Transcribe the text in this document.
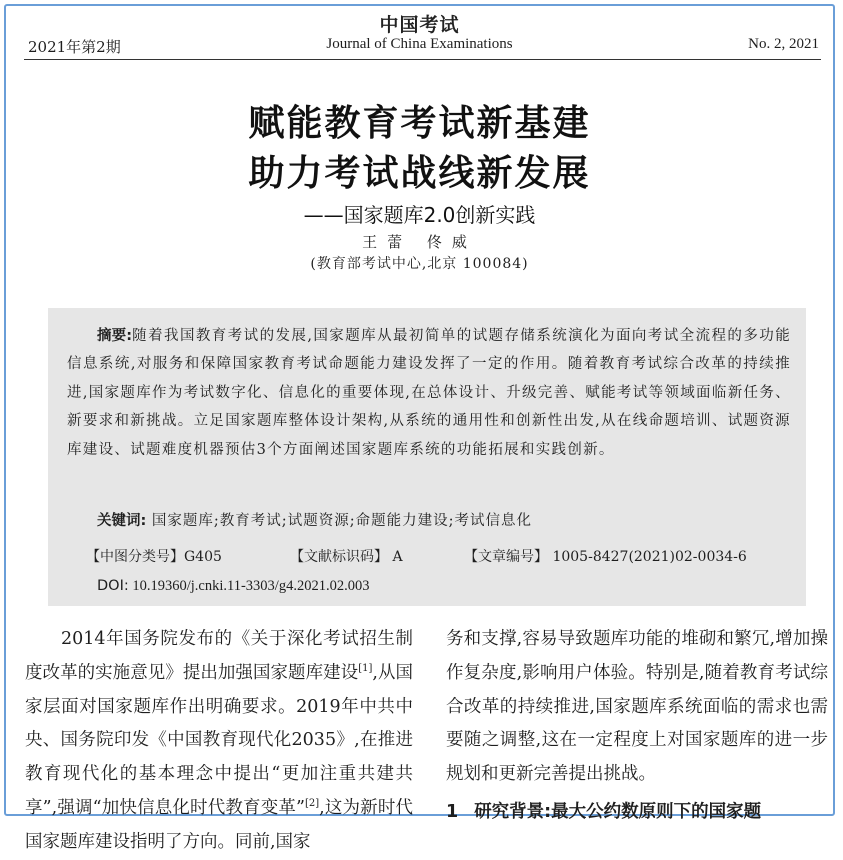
中国考试
2021年第2期	Journal of China Examinations	No. 2, 2021
赋能教育考试新基建
助力考试战线新发展
——国家题库2.0创新实践
王蕾 佟威
(教育部考试中心,北京 100084)

摘要:随着我国教育考试的发展,国家题库从最初简单的试题存储系统演化为面向考试全流程的多功能信息系统,对服务和保障国家教育考试命题能力建设发挥了一定的作用。随着教育考试综合改革的持续推进,国家题库作为考试数字化、信息化的重要体现,在总体设计、升级完善、赋能考试等领域面临新任务、新要求和新挑战。立足国家题库整体设计架构,从系统的通用性和创新性出发,从在线命题培训、试题资源库建设、试题难度机器预估3个方面阐述国家题库系统的功能拓展和实践创新。

关键词: 国家题库;教育考试;试题资源;命题能力建设;考试信息化
【中图分类号】G405	【文献标识码】 A	【文章编号】 1005-8427(2021)02-0034-6
DOI: 10.19360/j.cnki.11-3303/g4.2021.02.003

2014年国务院发布的《关于深化考试招生制度改革的实施意见》提出加强国家题库建设[1],从国家层面对国家题库作出明确要求。2019年中共中央、国务院印发《中国教育现代化2035》,在推进教育现代化的基本理念中提出“更加注重共建共享”,强调“加快信息化时代教育变革”[2],这为新时代国家题库建设指明了方向。同前,国家

务和支撑,容易导致题库功能的堆砌和繁冗,增加操作复杂度,影响用户体验。特别是,随着教育考试综合改革的持续推进,国家题库系统面临的需求也需要随之调整,这在一定程度上对国家题库的进一步规划和更新完善提出挑战。

1 研究背景:最大公约数原则下的国家题
